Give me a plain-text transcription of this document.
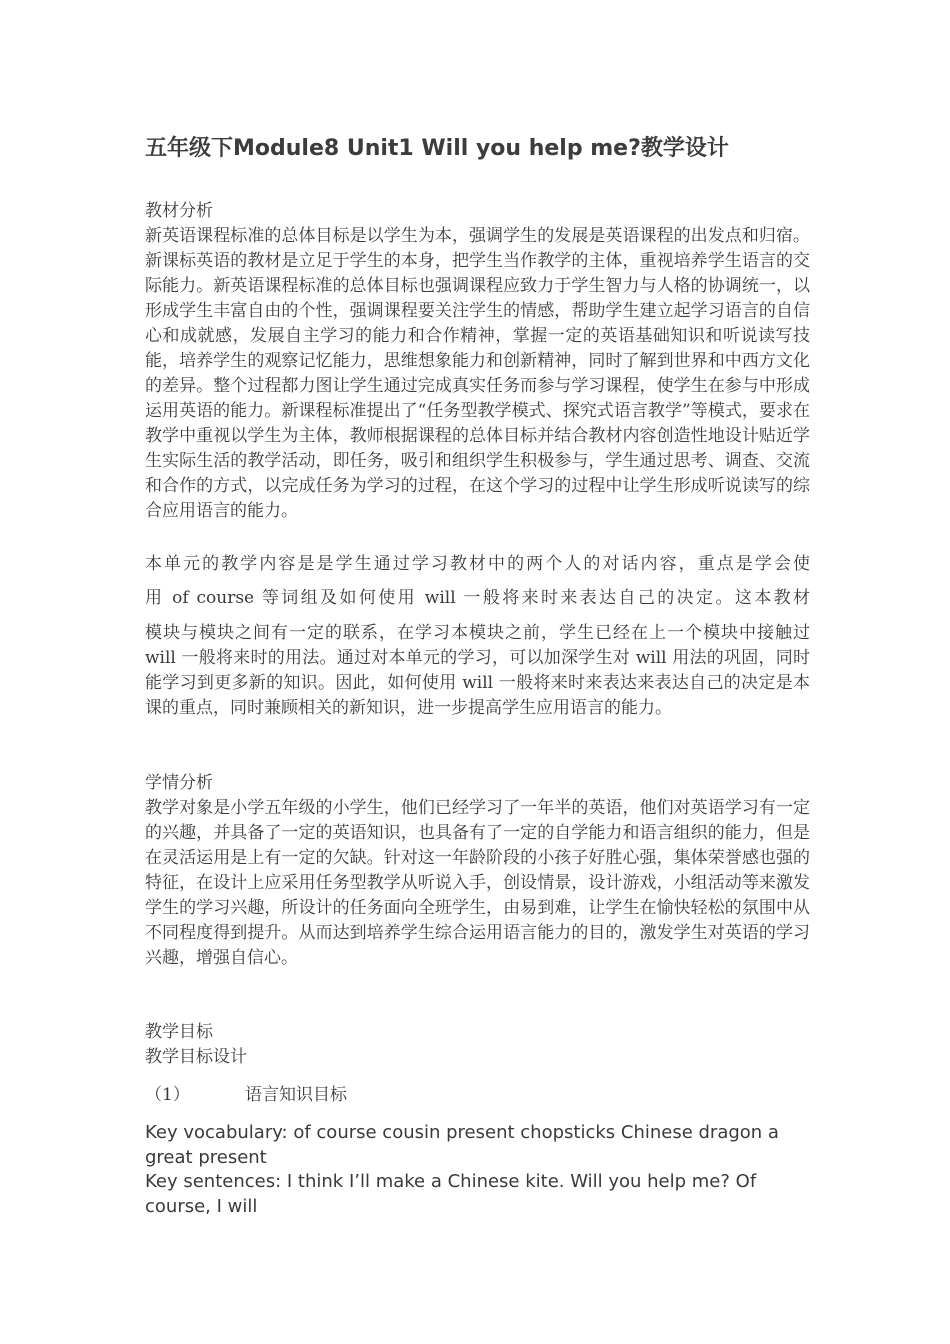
五年级下Module8 Unit1 Will you help me?教学设计
教材分析

新英语课程标准的总体目标是以学生为本，强调学生的发展是英语课程的出发点和归宿。新课标英语的教材是立足于学生的本身，把学生当作教学的主体，重视培养学生语言的交际能力。新英语课程标准的总体目标也强调课程应致力于学生智力与人格的协调统一，以形成学生丰富自由的个性，强调课程要关注学生的情感，帮助学生建立起学习语言的自信心和成就感，发展自主学习的能力和合作精神，掌握一定的英语基础知识和听说读写技能，培养学生的观察记忆能力，思维想象能力和创新精神，同时了解到世界和中西方文化的差异。整个过程都力图让学生通过完成真实任务而参与学习课程，使学生在参与中形成运用英语的能力。新课程标准提出了“任务型教学模式、探究式语言教学”等模式，要求在教学中重视以学生为主体，教师根据课程的总体目标并结合教材内容创造性地设计贴近学生实际生活的教学活动，即任务，吸引和组织学生积极参与，学生通过思考、调查、交流和合作的方式，以完成任务为学习的过程，在这个学习的过程中让学生形成听说读写的综合应用语言的能力。

本单元的教学内容是是学生通过学习教材中的两个人的对话内容，重点是学会使

用 of course 等词组及如何使用 will 一般将来时来表达自己的决定。这本教材

模块与模块之间有一定的联系，在学习本模块之前，学生已经在上一个模块中接触过 will 一般将来时的用法。通过对本单元的学习，可以加深学生对 will 用法的巩固，同时能学习到更多新的知识。因此，如何使用 will 一般将来时来表达来表达自己的决定是本课的重点，同时兼顾相关的新知识，进一步提高学生应用语言的能力。

学情分析

教学对象是小学五年级的小学生，他们已经学习了一年半的英语，他们对英语学习有一定的兴趣，并具备了一定的英语知识，也具备有了一定的自学能力和语言组织的能力，但是在灵活运用是上有一定的欠缺。针对这一年龄阶段的小孩子好胜心强，集体荣誉感也强的特征，在设计上应采用任务型教学从听说入手，创设情景，设计游戏，小组活动等来激发学生的学习兴趣，所设计的任务面向全班学生，由易到难，让学生在愉快轻松的氛围中从不同程度得到提升。从而达到培养学生综合运用语言能力的目的，激发学生对英语的学习兴趣，增强自信心。

教学目标
教学目标设计
（1）	语言知识目标
Key vocabulary: of course cousin present chopsticks Chinese dragon a great present
Key sentences: I think I’ll make a Chinese kite. Will you help me? Of course, I will
